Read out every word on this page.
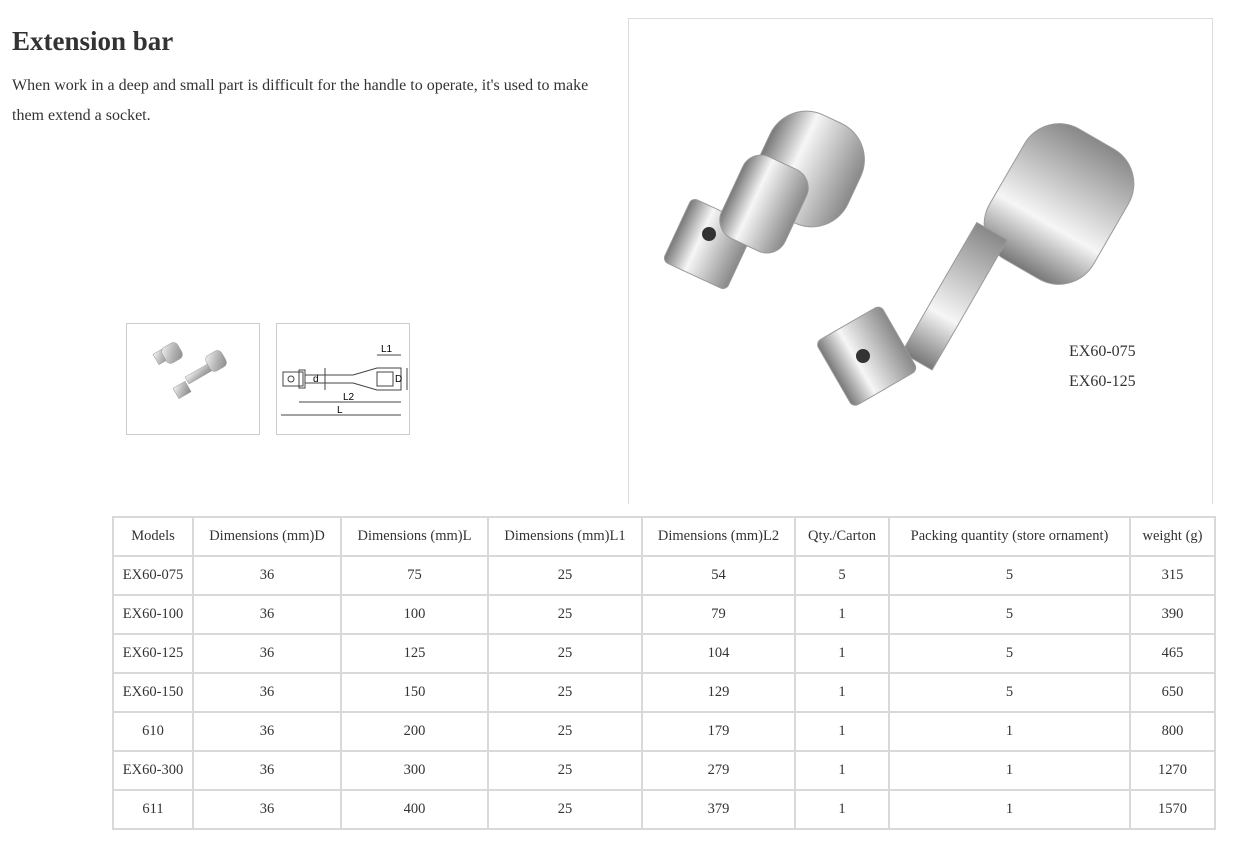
Extension bar

When work in a deep and small part is difficult for the handle to operate, it's used to make them extend a socket.

L1
d	D
L2
L
EX60-075
EX60-125
Models	Dimensions (mm)D	Dimensions (mm)L	Dimensions (mm)L1	Dimensions (mm)L2	Qty./Carton	Packing quantity (store ornament)	weight (g)
EX60-075	36	75	25	54	5	5	315
EX60-100	36	100	25	79	1	5	390
EX60-125	36	125	25	104	1	5	465
EX60-150	36	150	25	129	1	5	650
610	36	200	25	179	1	1	800
EX60-300	36	300	25	279	1	1	1270
611	36	400	25	379	1	1	1570
